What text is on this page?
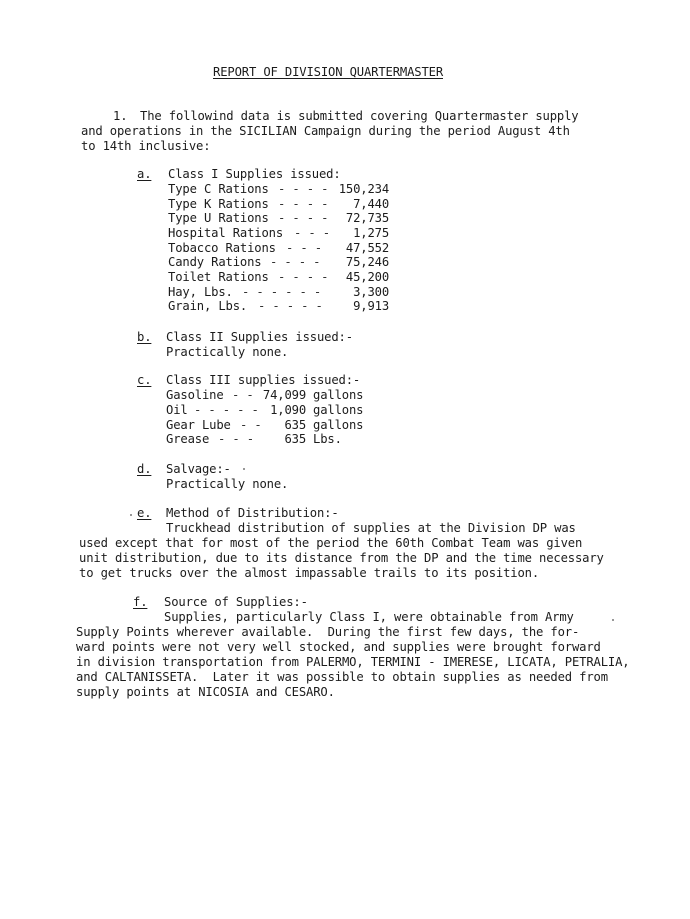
REPORT OF DIVISION QUARTERMASTER
1. The followind data is submitted covering Quartermaster supply
and operations in the SICILIAN Campaign during the period August 4th
to 14th inclusive:
a. Class I Supplies issued:
Type C Rations - - - - 150,234
Type K Rations - - - -	7,440
Type U Rations - - - -	72,735
Hospital Rations - - -	1,275
Tobacco Rations - - -	47,552
Candy Rations - - - -	75,246
Toilet Rations - - - -	45,200
Hay, Lbs. - - - - - -	3,300
Grain, Lbs. - - - - -	9,913
b. Class II Supplies issued:-
Practically none.
c. Class III supplies issued:-
Gasoline - - 74,099 gallons
Oil - - - - - 1,090 gallons
Gear Lube - -	635 gallons
Grease - - -	635 Lbs.
d. Salvage:-
Practically none.
e. Method of Distribution:-
Truckhead distribution of supplies at the Division DP was
used except that for most of the period the 60th Combat Team was given
unit distribution, due to its distance from the DP and the time necessary
to get trucks over the almost impassable trails to its position.
f. Source of Supplies:-
Supplies, particularly Class I, were obtainable from Army
Supply Points wherever available.  During the first few days, the for-
ward points were not very well stocked, and supplies were brought forward
in division transportation from PALERMO, TERMINI - IMERESE, LICATA, PETRALIA,
and CALTANISSETA.  Later it was possible to obtain supplies as needed from
supply points at NICOSIA and CESARO.
